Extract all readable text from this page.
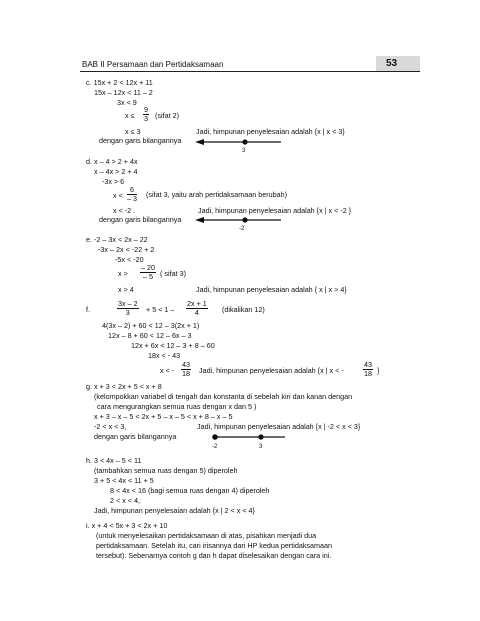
BAB II Persamaan dan Pertidaksamaan	53
c. 15x + 2 < 12x + 11
15x – 12x < 11 – 2
3x < 9
$x \le \frac{9}{3}$ (sifat 2)
x ≤ 3	Jadi, himpunan penyelesaian adalah {x | x < 3}
dengan garis bilangannya
3
d. x – 4 > 2 + 4x
x – 4x > 2 + 4
-3x > 6
$x < \frac{6}{- 3}$ (sifat 3, yaitu arah pertidaksamaan berubah)
x < -2 .	Jadi, himpunan penyelesaian adalah {x | x < -2 }
dengan garis bilangannya
-2
e. -2 – 3x < 2x – 22
-3x – 2x < -22 + 2
-5x < -20
$x > \frac{- 20}{- 5}$ ( sifat 3)
x > 4	Jadi, himpunan penyelesaian adalah { x | x > 4}
f.	$\frac{3x - 2}{3} + 5 < 1 - \frac{2x + 1}{4}$ (dikalikan 12)
4(3x – 2) + 60 < 12 – 3(2x + 1)
12x – 8 + 60 < 12 – 6x – 3
12x + 6x < 12 – 3 + 8 – 60
18x < - 43
x < - $\frac{43}{18}$ Jadi, himpunan penyelesaian adalah {x | x < -	$\frac{43}{18}$ }
g. x + 3 < 2x + 5 < x + 8
(kelompokkan variabel di tengah dan konstanta di sebelah kiri dan kanan dengan
cara mengurangkan semua ruas dengan x dan 5 )
x + 3 – x – 5 < 2x + 5 – x – 5 < x + 8 – x – 5
-2 < x < 3,	Jadi, himpunan penyelesaian adalah {x | -2 < x < 3}
dengan garis bilangannya
-2	3
h. 3 < 4x – 5 < 11
(tambahkan semua ruas dengan 5) diperoleh
3 + 5 < 4x < 11 + 5
8 < 4x < 16 (bagi semua ruas dengan 4) diperoleh
2 < x < 4,
Jadi, himpunan penyelesaian adalah {x | 2 < x < 4}
i. x + 4 < 5x + 3 < 2x + 10
(untuk menyelesaikan pertidaksamaan di atas, pisahkan menjadi dua
pertidaksamaan. Setelah itu, cari irisannya dari HP kedua pertidaksamaan
tersebut). Sebenarnya contoh g dan h dapat diselesaikan dengan cara ini.
